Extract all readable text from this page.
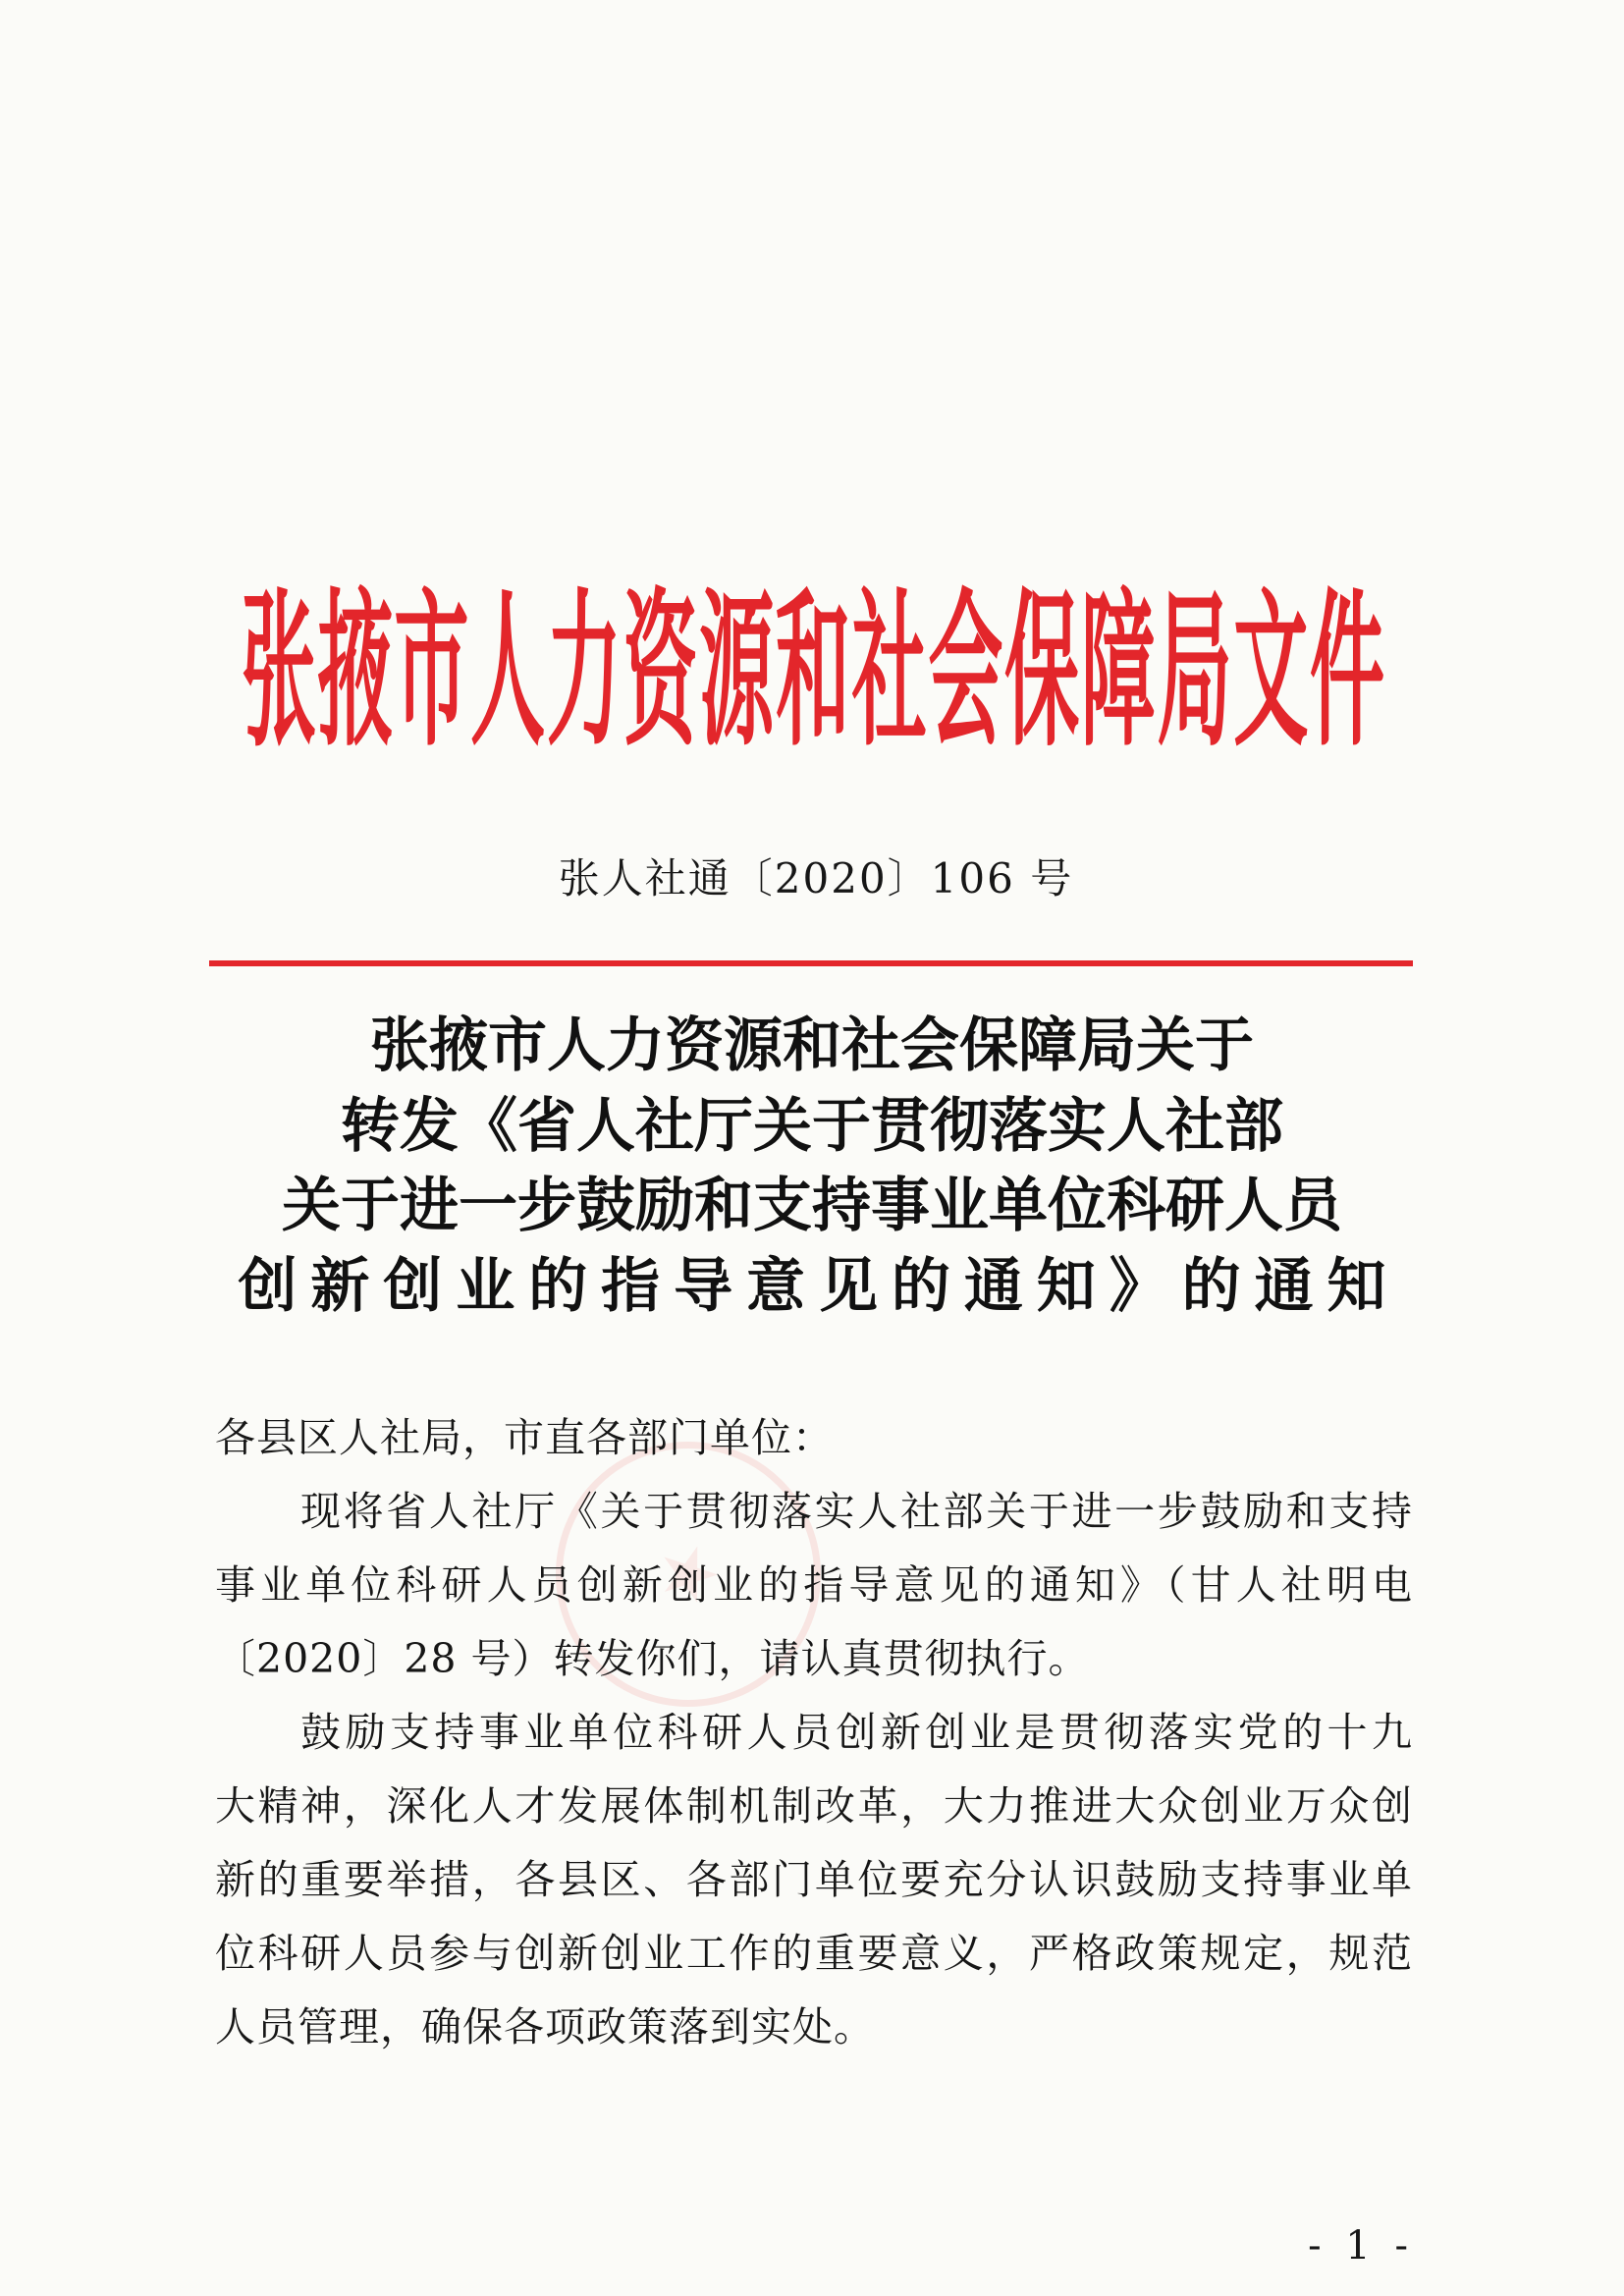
张掖市人力资源和社会保障局文件
张人社通〔2020〕106 号
张掖市人力资源和社会保障局关于
转发《省人社厅关于贯彻落实人社部
关于进一步鼓励和支持事业单位科研人员
创新创业的指导意见的通知》的通知
各县区人社局，市直各部门单位：
现将省人社厅《关于贯彻落实人社部关于进一步鼓励和支持
事业单位科研人员创新创业的指导意见的通知》（甘人社明电
〔2020〕28 号）转发你们，请认真贯彻执行。
鼓励支持事业单位科研人员创新创业是贯彻落实党的十九
大精神，深化人才发展体制机制改革，大力推进大众创业万众创
新的重要举措，各县区、各部门单位要充分认识鼓励支持事业单
位科研人员参与创新创业工作的重要意义，严格政策规定，规范
人员管理，确保各项政策落到实处。
- 1 -
